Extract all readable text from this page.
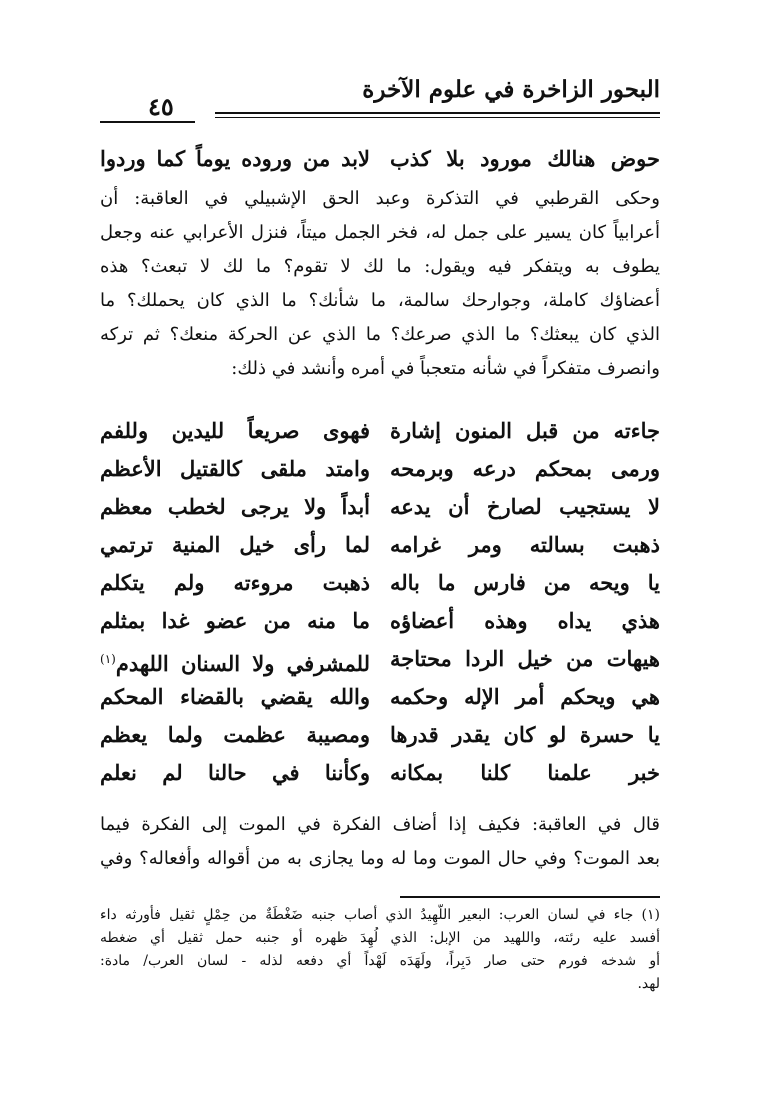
البحور الزاخرة في علوم الآخرة
٤٥
حوض هنالك مورود بلا كذب
لابد من وروده يوماً كما وردوا
وحكى القرطبي في التذكرة وعبد الحق الإشبيلي في العاقبة: أن
أعرابياً كان يسير على جمل له، فخر الجمل ميتاً، فنزل الأعرابي عنه وجعل
يطوف به ويتفكر فيه ويقول: ما لك لا تقوم؟ ما لك لا تبعث؟ هذه
أعضاؤك كاملة، وجوارحك سالمة، ما شأنك؟ ما الذي كان يحملك؟ ما
الذي كان يبعثك؟ ما الذي صرعك؟ ما الذي عن الحركة منعك؟ ثم تركه
وانصرف متفكراً في شأنه متعجباً في أمره وأنشد في ذلك:
جاءته من قبل المنون إشارة
فهوى صريعاً لليدين وللفم
ورمى بمحكم درعه وبرمحه
وامتد ملقى كالقتيل الأعظم
لا يستجيب لصارخ أن يدعه
أبداً ولا يرجى لخطب معظم
ذهبت بسالته ومر غرامه
لما رأى خيل المنية ترتمي
يا ويحه من فارس ما باله
ذهبت مروءته ولم يتكلم
هذي يداه وهذه أعضاؤه
ما منه من عضو غدا بمثلم
هيهات من خيل الردا محتاجة
للمشرفي ولا السنان اللهدم$^{(١)}$
هي ويحكم أمر الإله وحكمه
والله يقضي بالقضاء المحكم
يا حسرة لو كان يقدر قدرها
ومصيبة عظمت ولما يعظم
خبر علمنا كلنا بمكانه
وكأننا في حالنا لم نعلم
قال في العاقبة: فكيف إذا أضاف الفكرة في الموت إلى الفكرة فيما
بعد الموت؟ وفي حال الموت وما له وما يجازى به من أقواله وأفعاله؟ وفي
(١) جاء في لسان العرب: البعير اللَّهِيدُ الذي أصاب جنبه ضَغْطَةٌ من حِمْلٍ ثقيل فأورثه داء
أفسد عليه رئته، واللهيد من الإبل: الذي لُهِدَ ظهره أو جنبه حمل ثقيل أي ضغطه
أو شدخه فورم حتى صار دَبِراً، ولَهَدَه لَهْداً أي دفعه لذله - لسان العرب/ مادة:
لهد.
